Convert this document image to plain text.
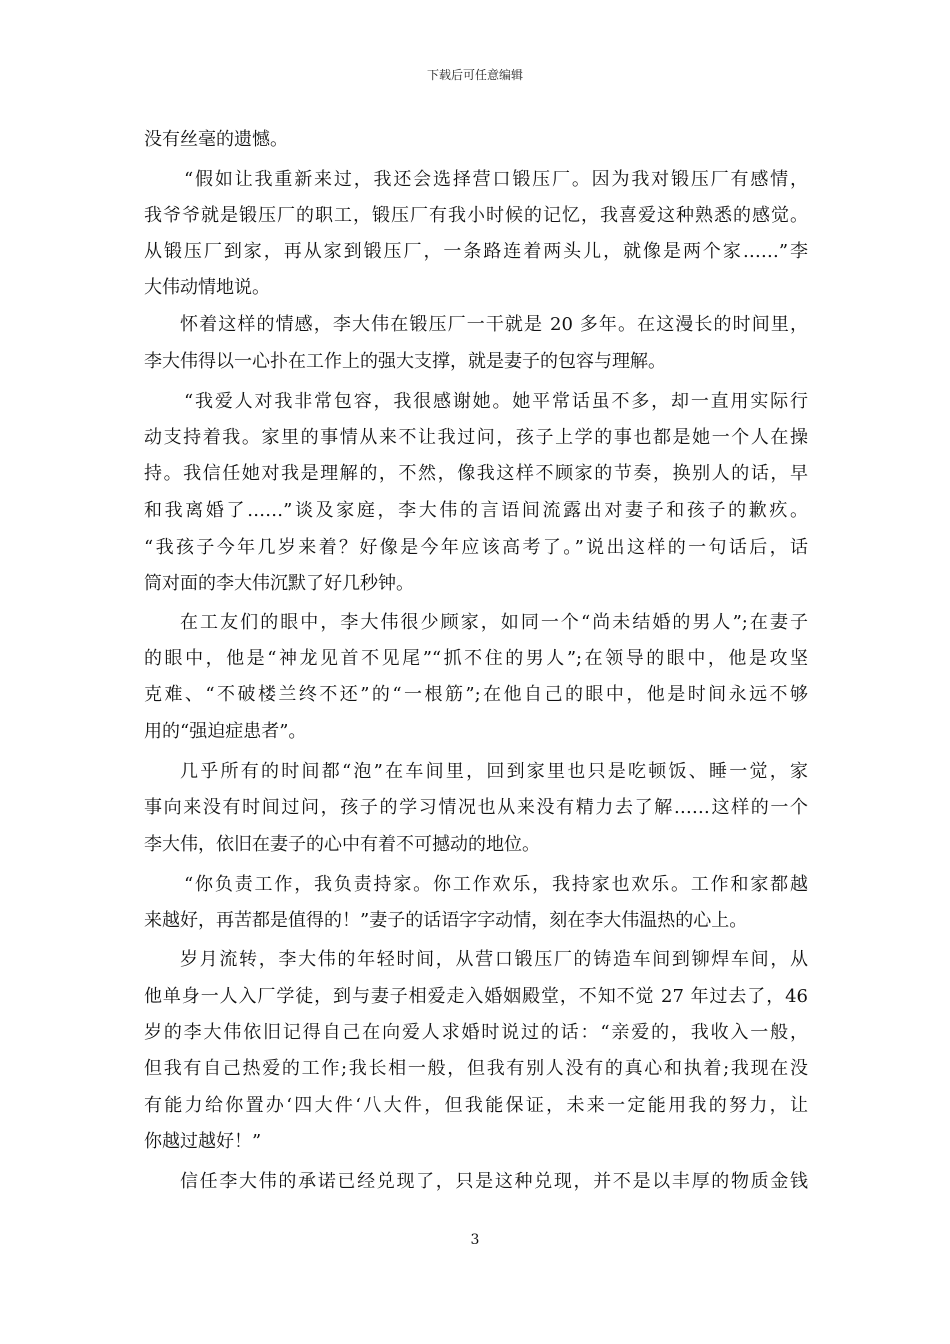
下载后可任意编辑
没有丝毫的遗憾。
“假如让我重新来过，我还会选择营口锻压厂。因为我对锻压厂有感情，
我爷爷就是锻压厂的职工，锻压厂有我小时候的记忆，我喜爱这种熟悉的感觉。
从锻压厂到家，再从家到锻压厂，一条路连着两头儿，就像是两个家……”李
大伟动情地说。
怀着这样的情感，李大伟在锻压厂一干就是 20 多年。在这漫长的时间里，
李大伟得以一心扑在工作上的强大支撑，就是妻子的包容与理解。
“我爱人对我非常包容，我很感谢她。她平常话虽不多，却一直用实际行
动支持着我。家里的事情从来不让我过问，孩子上学的事也都是她一个人在操
持。我信任她对我是理解的，不然，像我这样不顾家的节奏，换别人的话，早
和我离婚了……”谈及家庭，李大伟的言语间流露出对妻子和孩子的歉疚。
“我孩子今年几岁来着？好像是今年应该高考了。”说出这样的一句话后，话
筒对面的李大伟沉默了好几秒钟。
在工友们的眼中，李大伟很少顾家，如同一个“尚未结婚的男人”;在妻子
的眼中，他是“神龙见首不见尾”“抓不住的男人”;在领导的眼中，他是攻坚
克难、“不破楼兰终不还”的“一根筋”;在他自己的眼中，他是时间永远不够
用的“强迫症患者”。
几乎所有的时间都“泡”在车间里，回到家里也只是吃顿饭、睡一觉，家
事向来没有时间过问，孩子的学习情况也从来没有精力去了解……这样的一个
李大伟，依旧在妻子的心中有着不可撼动的地位。
“你负责工作，我负责持家。你工作欢乐，我持家也欢乐。工作和家都越
来越好，再苦都是值得的！”妻子的话语字字动情，刻在李大伟温热的心上。
岁月流转，李大伟的年轻时间，从营口锻压厂的铸造车间到铆焊车间，从
他单身一人入厂学徒，到与妻子相爱走入婚姻殿堂，不知不觉 27 年过去了，46
岁的李大伟依旧记得自己在向爱人求婚时说过的话：“亲爱的，我收入一般，
但我有自己热爱的工作;我长相一般，但我有别人没有的真心和执着;我现在没
有能力给你置办‘四大件‘八大件，但我能保证，未来一定能用我的努力，让
你越过越好！”
信任李大伟的承诺已经兑现了，只是这种兑现，并不是以丰厚的物质金钱
3
